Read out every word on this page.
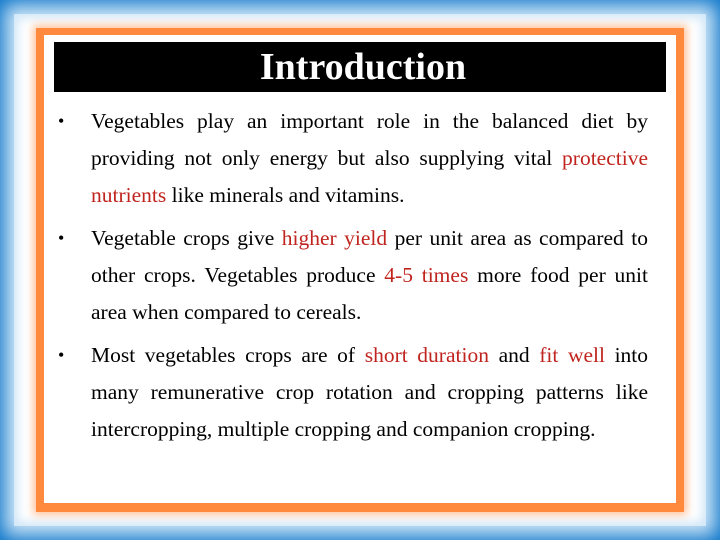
Introduction
• Vegetables play an important role in the balanced diet by providing not only energy but also supplying vital protective nutrients like minerals and vitamins.
• Vegetable crops give higher yield per unit area as compared to other crops. Vegetables produce 4-5 times more food per unit area when compared to cereals.
• Most vegetables crops are of short duration and fit well into many remunerative crop rotation and cropping patterns like intercropping, multiple cropping and companion cropping.
